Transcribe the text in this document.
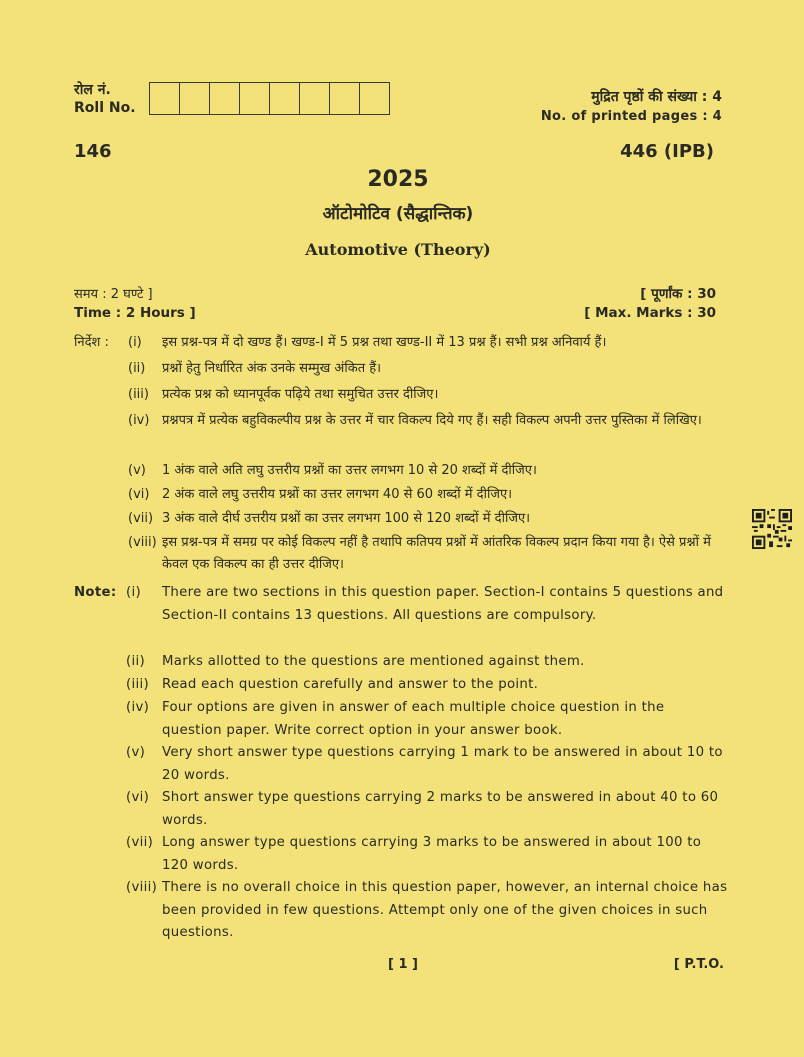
रोल नं.
Roll No.
मुद्रित पृष्ठों की संख्या : 4
No. of printed pages : 4
146	446 (IPB)
2025
ऑटोमोटिव (सैद्धान्तिक)
Automotive (Theory)
समय : 2 घण्टे ]
Time : 2 Hours ]
[ पूर्णांक : 30
[ Max. Marks : 30
निर्देश : (i) इस प्रश्न-पत्र में दो खण्ड हैं। खण्ड-I में 5 प्रश्न तथा खण्ड-II में 13 प्रश्न हैं। सभी प्रश्न अनिवार्य हैं।
(ii) प्रश्नों हेतु निर्धारित अंक उनके सम्मुख अंकित हैं।
(iii) प्रत्येक प्रश्न को ध्यानपूर्वक पढ़िये तथा समुचित उत्तर दीजिए।
(iv) प्रश्नपत्र में प्रत्येक बहुविकल्पीय प्रश्न के उत्तर में चार विकल्प दिये गए हैं। सही विकल्प अपनी उत्तर पुस्तिका में लिखिए।
(v) 1 अंक वाले अति लघु उत्तरीय प्रश्नों का उत्तर लगभग 10 से 20 शब्दों में दीजिए।
(vi) 2 अंक वाले लघु उत्तरीय प्रश्नों का उत्तर लगभग 40 से 60 शब्दों में दीजिए।
(vii) 3 अंक वाले दीर्घ उत्तरीय प्रश्नों का उत्तर लगभग 100 से 120 शब्दों में दीजिए।
(viii) इस प्रश्न-पत्र में समग्र पर कोई विकल्प नहीं है तथापि कतिपय प्रश्नों में आंतरिक विकल्प प्रदान किया गया है। ऐसे प्रश्नों में केवल एक विकल्प का ही उत्तर दीजिए।
Note: (i) There are two sections in this question paper. Section-I contains 5 questions and Section-II contains 13 questions. All questions are compulsory.
(ii) Marks allotted to the questions are mentioned against them.
(iii) Read each question carefully and answer to the point.
(iv) Four options are given in answer of each multiple choice question in the question paper. Write correct option in your answer book.
(v) Very short answer type questions carrying 1 mark to be answered in about 10 to 20 words.
(vi) Short answer type questions carrying 2 marks to be answered in about 40 to 60 words.
(vii) Long answer type questions carrying 3 marks to be answered in about 100 to 120 words.
(viii) There is no overall choice in this question paper, however, an internal choice has been provided in few questions. Attempt only one of the given choices in such questions.
[ 1 ]	[ P.T.O.
